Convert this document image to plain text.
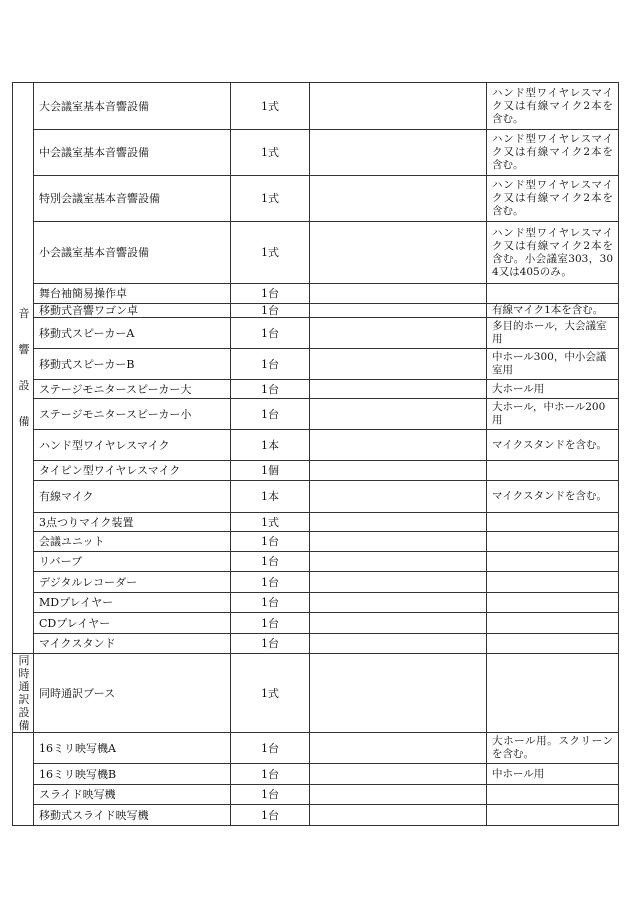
音響設備	大会議室基本音響設備	1式		ハンド型ワイヤレスマイク又は有線マイク2本を含む。
	中会議室基本音響設備	1式		ハンド型ワイヤレスマイク又は有線マイク2本を含む。
	特別会議室基本音響設備	1式		ハンド型ワイヤレスマイク又は有線マイク2本を含む。
	小会議室基本音響設備	1式		ハンド型ワイヤレスマイク又は有線マイク2本を含む。小会議室303，304又は405のみ。
	舞台袖簡易操作卓	1台		
	移動式音響ワゴン卓	1台		有線マイク1本を含む。
	移動式スピーカーA	1台		多目的ホール，大会議室用
	移動式スピーカーB	1台		中ホール300，中小会議室用
	ステージモニタースピーカー大	1台		大ホール用
	ステージモニタースピーカー小	1台		大ホール，中ホール200用
	ハンド型ワイヤレスマイク	1本		マイクスタンドを含む。
	タイピン型ワイヤレスマイク	1個		
	有線マイク	1本		マイクスタンドを含む。
	3点つりマイク装置	1式		
	会議ユニット	1台		
	リバーブ	1台		
	デジタルレコーダー	1台		
	MDプレイヤー	1台		
	CDプレイヤー	1台		
	マイクスタンド	1台		
同時通訳設備	同時通訳ブース	1式		
	16ミリ映写機A	1台		大ホール用。スクリーンを含む。
	16ミリ映写機B	1台		中ホール用
	スライド映写機	1台		
	移動式スライド映写機	1台		
